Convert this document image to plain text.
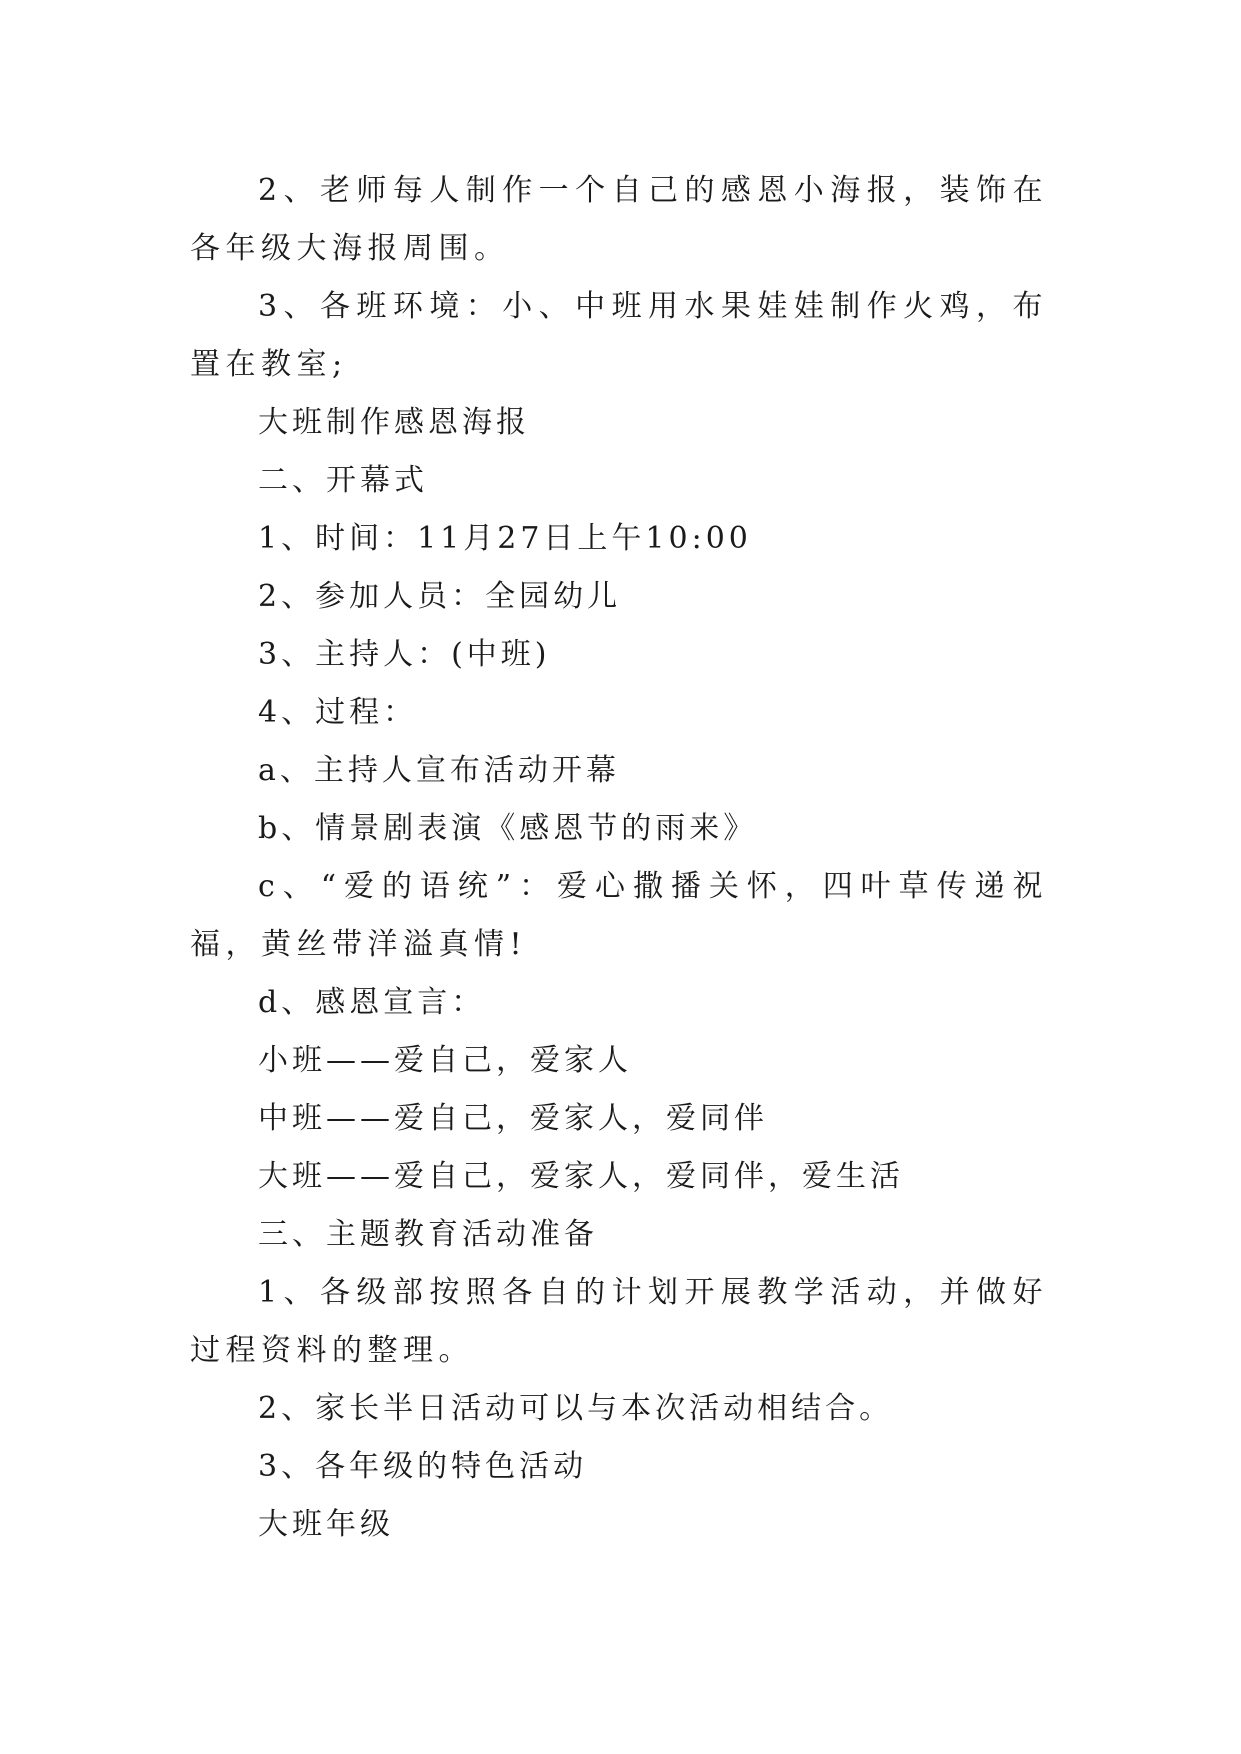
2、老师每人制作一个自己的感恩小海报，装饰在各年级大海报周围。

3、各班环境：小、中班用水果娃娃制作火鸡，布置在教室;

大班制作感恩海报

二、开幕式

1、时间：11月27日上午10:00

2、参加人员：全园幼儿

3、主持人：(中班)

4、过程：

a、主持人宣布活动开幕

b、情景剧表演《感恩节的雨来》

c、“爱的语统”：爱心撒播关怀，四叶草传递祝福，黄丝带洋溢真情!

d、感恩宣言：

小班——爱自己，爱家人

中班——爱自己，爱家人，爱同伴

大班——爱自己，爱家人，爱同伴，爱生活

三、主题教育活动准备

1、各级部按照各自的计划开展教学活动，并做好过程资料的整理。

2、家长半日活动可以与本次活动相结合。

3、各年级的特色活动

大班年级
